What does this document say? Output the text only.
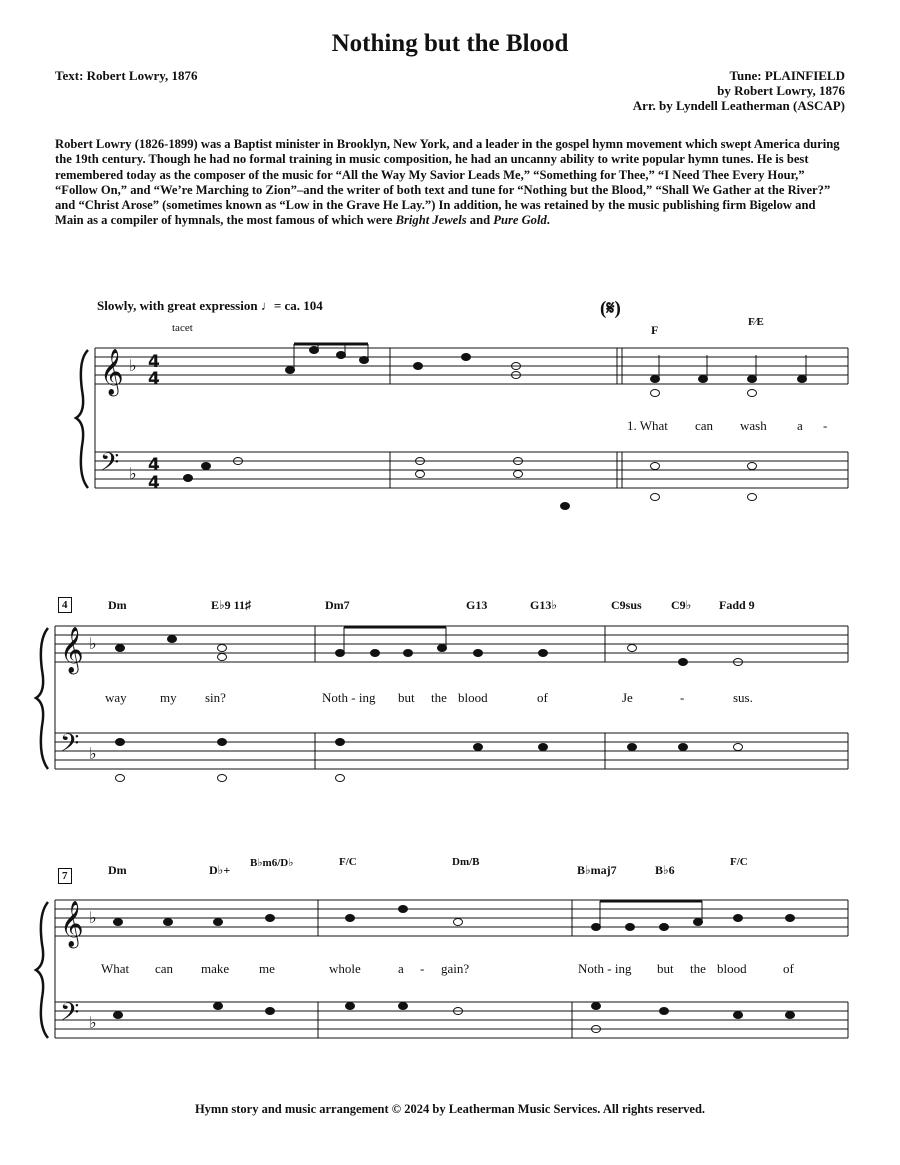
Nothing but the Blood
Text: Robert Lowry, 1876	Tune: PLAINFIELD
by Robert Lowry, 1876
Arr. by Lyndell Leatherman (ASCAP)
Robert Lowry (1826-1899) was a Baptist minister in Brooklyn, New York, and a leader in the gospel hymn movement which swept America during the 19th century. Though he had no formal training in music composition, he had an uncanny ability to write popular hymn tunes. He is best remembered today as the composer of the music for “All the Way My Savior Leads Me,” “Something for Thee,” “I Need Thee Every Hour,” “Follow On,” and “We’re Marching to Zion”–and the writer of both text and tune for “Nothing but the Blood,” “Shall We Gather at the River?” and “Christ Arose” (sometimes known as “Low in the Grave He Lay.”) In addition, he was retained by the music publishing firm Bigelow and Main as a compiler of hymnals, the most famous of which were Bright Jewels and Pure Gold.
𝄞
𝄢
♭
♭
4
4
4
4
𝄞
𝄢
♭
♭
𝄞
𝄢
♭
♭
Slowly, with great expression ♩= ca. 104	(𝄋)
tacet	F
F⁄E
1. What can wash a -
4	Dm	E♭9 11♯	Dm7	G13	G13♭	C9sus C9♭ Fadd 9
way	my sin?	Noth - ing but the blood	of	Je	-	sus.
7	Dm	D♭+ B♭m6/D♭	F/C	Dm/B
B♭maj7	B♭6
F/C
What can make me	whole	a - gain?	Noth - ing but the blood	of
Hymn story and music arrangement © 2024 by Leatherman Music Services. All rights reserved.
